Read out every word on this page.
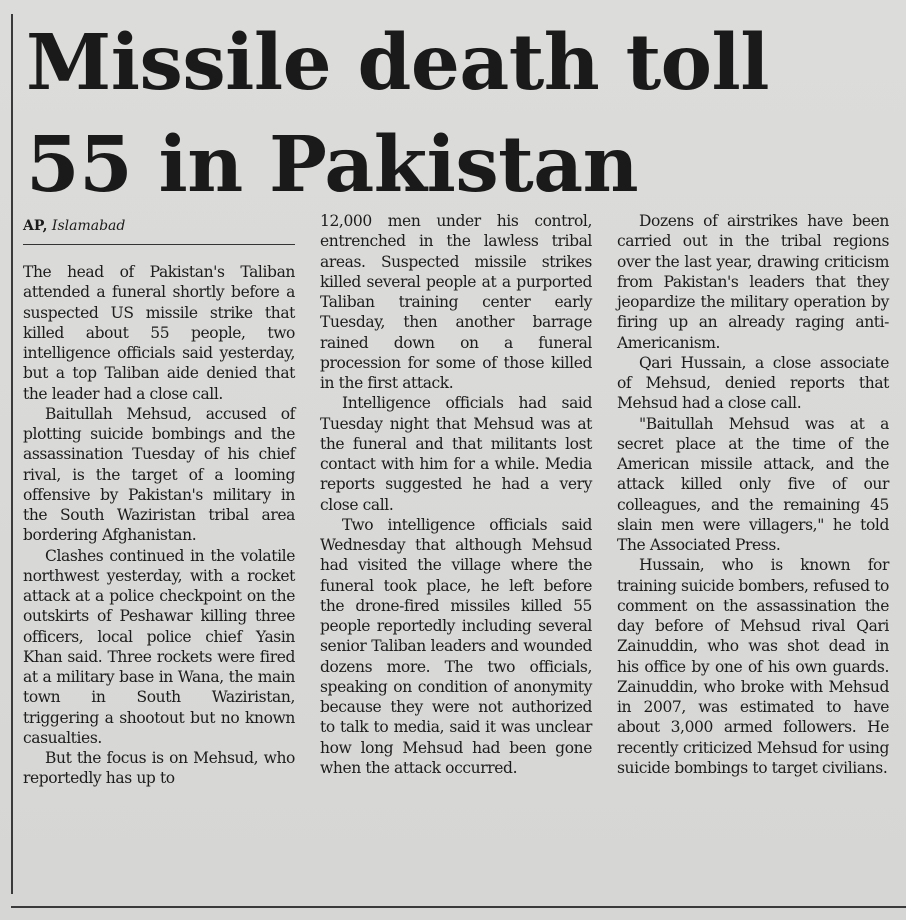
Missile death toll
55 in Pakistan
AP, Islamabad

The head of Pakistan's Taliban attended a funeral shortly before a suspected US missile strike that killed about 55 people, two intelligence officials said yesterday, but a top Taliban aide denied that the leader had a close call.

Baitullah Mehsud, accused of plotting suicide bombings and the assassination Tuesday of his chief rival, is the target of a looming offensive by Pakistan's military in the South Waziristan tribal area bordering Afghanistan.

Clashes continued in the volatile northwest yesterday, with a rocket attack at a police checkpoint on the outskirts of Peshawar killing three officers, local police chief Yasin Khan said. Three rockets were fired at a military base in Wana, the main town in South Waziristan, triggering a shootout but no known casualties.

But the focus is on Mehsud, who reportedly has up to

12,000 men under his control, entrenched in the lawless tribal areas. Suspected missile strikes killed several people at a purported Taliban training center early Tuesday, then another barrage rained down on a funeral procession for some of those killed in the first attack.

Intelligence officials had said Tuesday night that Mehsud was at the funeral and that militants lost contact with him for a while. Media reports suggested he had a very close call.

Two intelligence officials said Wednesday that although Mehsud had visited the village where the funeral took place, he left before the drone-fired missiles killed 55 people reportedly including several senior Taliban leaders and wounded dozens more. The two officials, speaking on condition of anonymity because they were not authorized to talk to media, said it was unclear how long Mehsud had been gone when the attack occurred.

Dozens of airstrikes have been carried out in the tribal regions over the last year, drawing criticism from Pakistan's leaders that they jeopardize the military operation by firing up an already raging anti-Americanism.

Qari Hussain, a close associate of Mehsud, denied reports that Mehsud had a close call.

"Baitullah Mehsud was at a secret place at the time of the American missile attack, and the attack killed only five of our colleagues, and the remaining 45 slain men were villagers," he told The Associated Press.

Hussain, who is known for training suicide bombers, refused to comment on the assassination the day before of Mehsud rival Qari Zainuddin, who was shot dead in his office by one of his own guards. Zainuddin, who broke with Mehsud in 2007, was estimated to have about 3,000 armed followers. He recently criticized Mehsud for using suicide bombings to target civilians.
